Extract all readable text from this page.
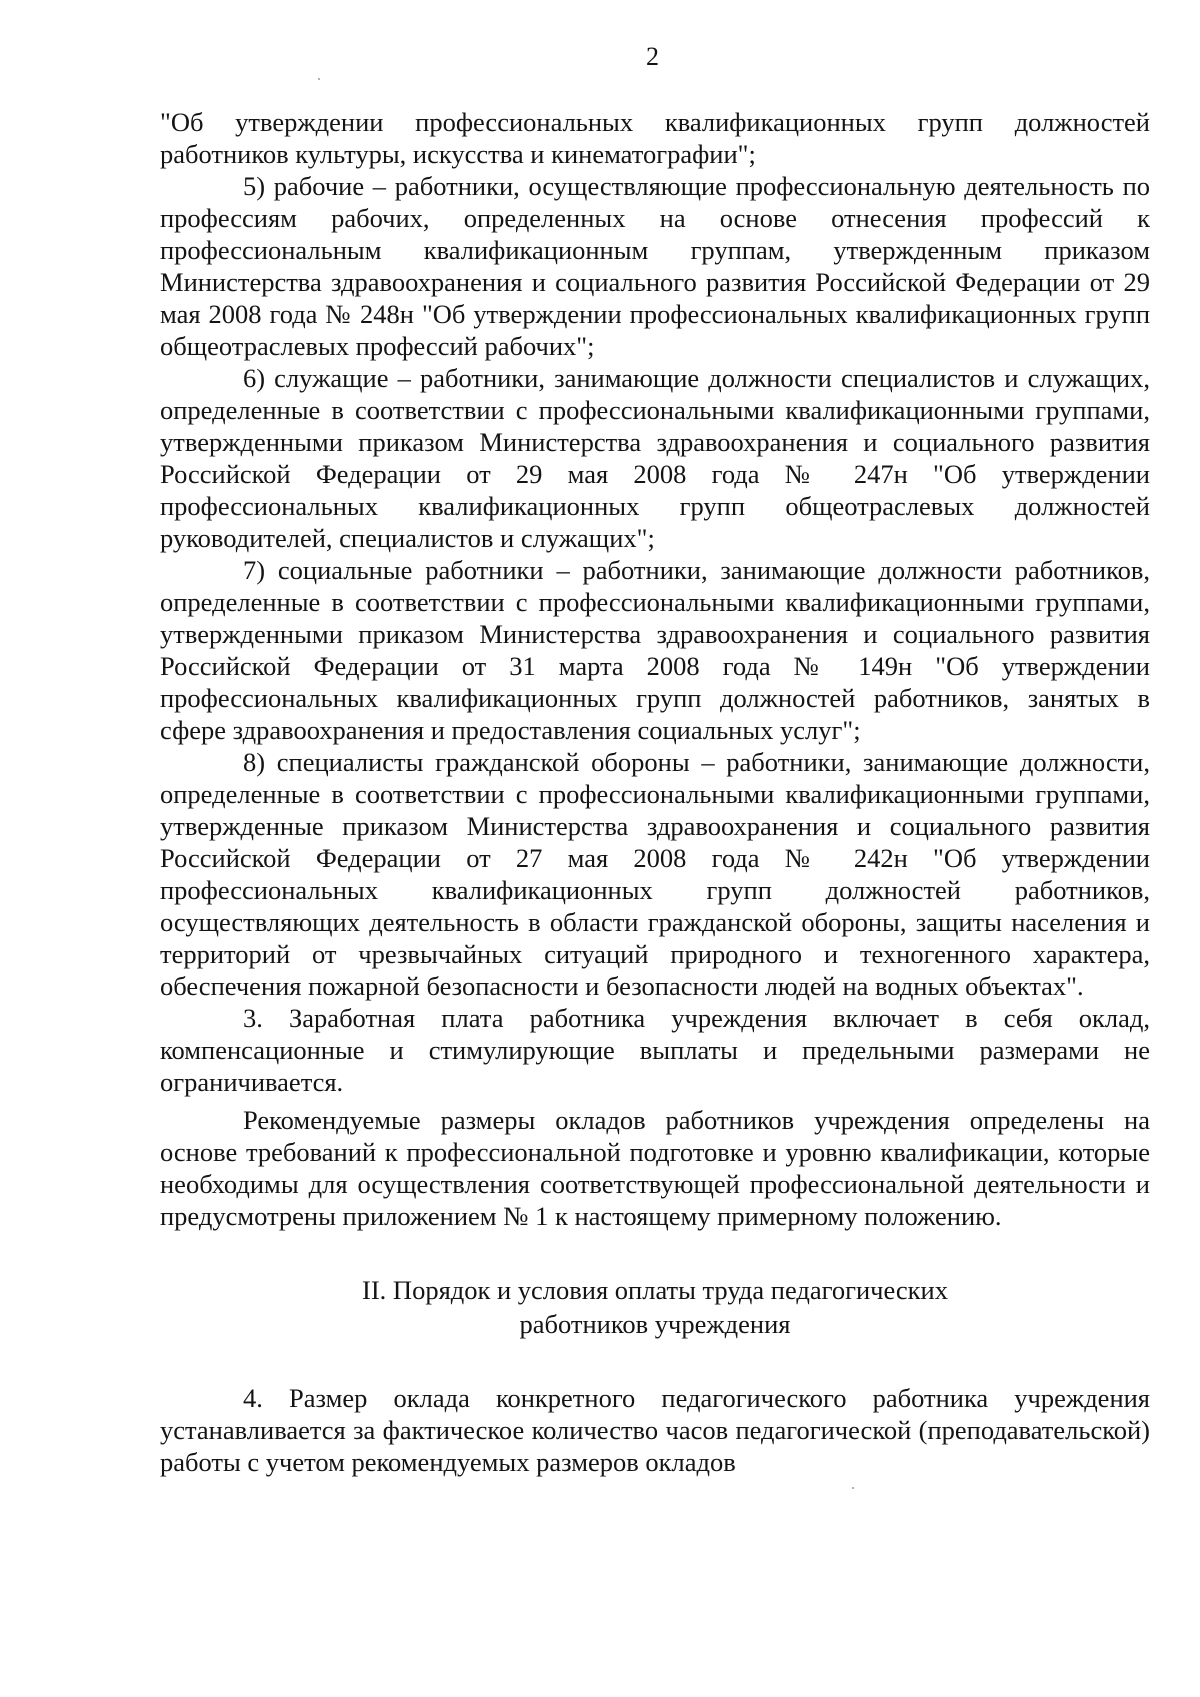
2

"Об утверждении профессиональных квалификационных групп должностей работников культуры, искусства и кинематографии";

5) рабочие – работники, осуществляющие профессиональную деятельность по профессиям рабочих, определенных на основе отнесения профессий к профессиональным квалификационным группам, утвержденным приказом Министерства здравоохранения и социального развития Российской Федерации от 29 мая 2008 года № 248н "Об утверждении профессиональных квалификационных групп общеотраслевых профессий рабочих";

6) служащие – работники, занимающие должности специалистов и служащих, определенные в соответствии с профессиональными квалификационными группами, утвержденными приказом Министерства здравоохранения и социального развития Российской Федерации от 29 мая 2008 года № 247н "Об утверждении профессиональных квалификационных групп общеотраслевых должностей руководителей, специалистов и служащих";

7) социальные работники – работники, занимающие должности работников, определенные в соответствии с профессиональными квалификационными группами, утвержденными приказом Министерства здравоохранения и социального развития Российской Федерации от 31 марта 2008 года № 149н "Об утверждении профессиональных квалификационных групп должностей работников, занятых в сфере здравоохранения и предоставления социальных услуг";

8) специалисты гражданской обороны – работники, занимающие должности, определенные в соответствии с профессиональными квалификационными группами, утвержденные приказом Министерства здравоохранения и социального развития Российской Федерации от 27 мая 2008 года № 242н "Об утверждении профессиональных квалификационных групп должностей работников, осуществляющих деятельность в области гражданской обороны, защиты населения и территорий от чрезвычайных ситуаций природного и техногенного характера, обеспечения пожарной безопасности и безопасности людей на водных объектах".

3. Заработная плата работника учреждения включает в себя оклад, компенсационные и стимулирующие выплаты и предельными размерами не ограничивается.

Рекомендуемые размеры окладов работников учреждения определены на основе требований к профессиональной подготовке и уровню квалификации, которые необходимы для осуществления соответствующей профессиональной деятельности и предусмотрены приложением № 1 к настоящему примерному положению.

II. Порядок и условия оплаты труда педагогических
работников учреждения

4. Размер оклада конкретного педагогического работника учреждения устанавливается за фактическое количество часов педагогической (преподавательской) работы с учетом рекомендуемых размеров окладов
